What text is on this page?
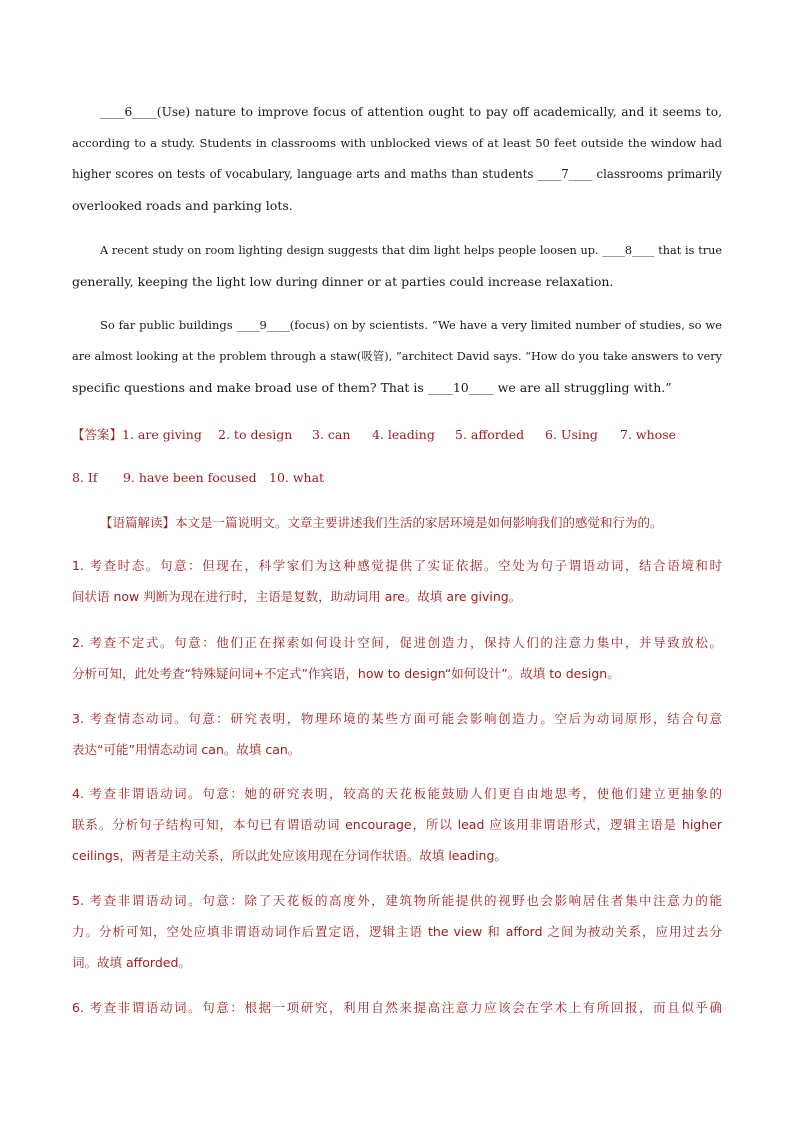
____6____(Use) nature to improve focus of attention ought to pay off academically, and it seems to,
according to a study. Students in classrooms with unblocked views of at least 50 feet outside the window had
higher scores on tests of vocabulary, language arts and maths than students ____7____ classrooms primarily
overlooked roads and parking lots.
A recent study on room lighting design suggests that dim light helps people loosen up. ____8____ that is true
generally, keeping the light low during dinner or at parties could increase relaxation.
So far public buildings ____9____(focus) on by scientists. “We have a very limited number of studies, so we
are almost looking at the problem through a staw(吸管), ”architect David says. “How do you take answers to very
specific questions and make broad use of them? That is ____10____ we are all struggling with.”
【答案】1. are giving 2. to design 3. can 4. leading 5. afforded 6. Using 7. whose
8. If 9. have been focused 10. what
【语篇解读】本文是一篇说明文。文章主要讲述我们生活的家居环境是如何影响我们的感觉和行为的。
1. 考查时态。句意：但现在，科学家们为这种感觉提供了实证依据。空处为句子谓语动词，结合语境和时
间状语 now 判断为现在进行时，主语是复数，助动词用 are。故填 are giving。
2. 考查不定式。句意：他们正在探索如何设计空间，促进创造力，保持人们的注意力集中，并导致放松。
分析可知，此处考查“特殊疑问词+不定式”作宾语，how to design“如何设计”。故填 to design。
3. 考查情态动词。句意：研究表明，物理环境的某些方面可能会影响创造力。空后为动词原形，结合句意
表达“可能”用情态动词 can。故填 can。
4. 考查非谓语动词。句意：她的研究表明，较高的天花板能鼓励人们更自由地思考，使他们建立更抽象的
联系。分析句子结构可知，本句已有谓语动词 encourage，所以 lead 应该用非谓语形式，逻辑主语是 higher
ceilings，两者是主动关系，所以此处应该用现在分词作状语。故填 leading。
5. 考查非谓语动词。句意：除了天花板的高度外，建筑物所能提供的视野也会影响居住者集中注意力的能
力。分析可知，空处应填非谓语动词作后置定语，逻辑主语 the view 和 afford 之间为被动关系，应用过去分
词。故填 afforded。
6. 考查非谓语动词。句意：根据一项研究，利用自然来提高注意力应该会在学术上有所回报，而且似乎确
